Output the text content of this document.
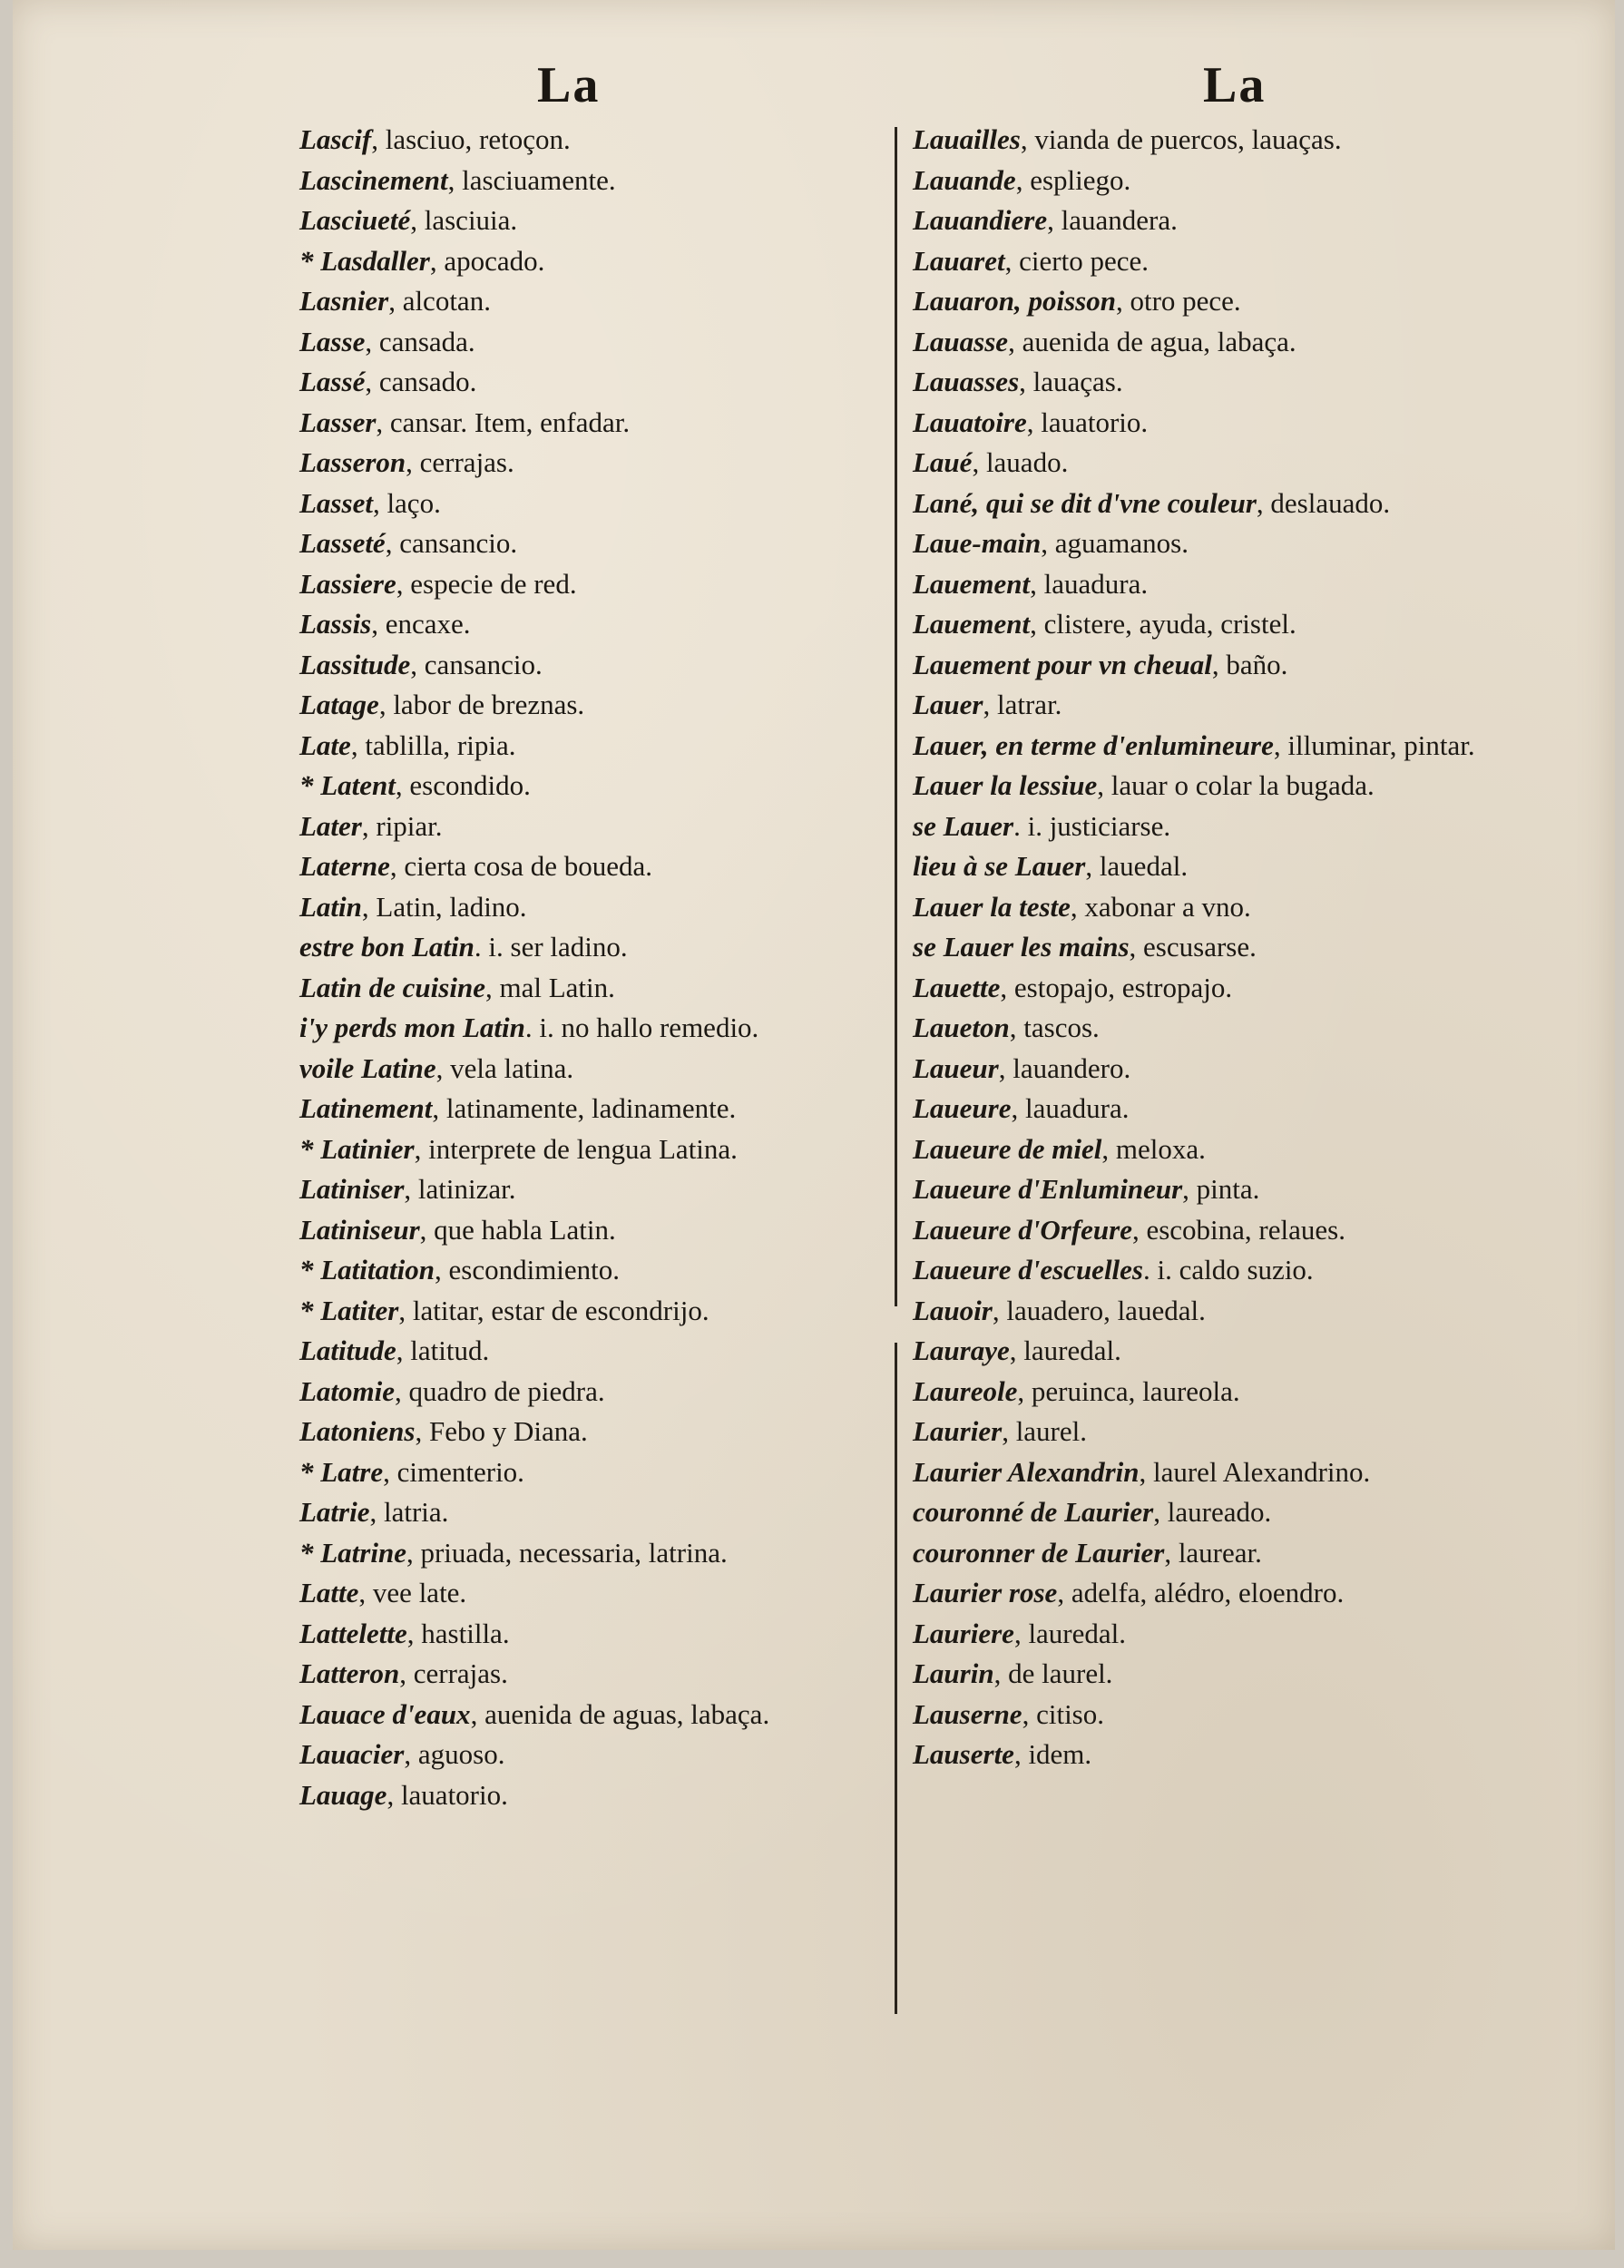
La	La

Lascif, lasciuo, retoçon.

Lascinement, lasciuamente.

Lasciueté, lasciuia.

* Lasdaller, apocado.

Lasnier, alcotan.

Lasse, cansada.

Lassé, cansado.

Lasser, cansar. Item, enfadar.

Lasseron, cerrajas.

Lasset, laço.

Lasseté, cansancio.

Lassiere, especie de red.

Lassis, encaxe.

Lassitude, cansancio.

Latage, labor de breznas.

Late, tablilla, ripia.

* Latent, escondido.

Later, ripiar.

Laterne, cierta cosa de boueda.

Latin, Latin, ladino.

estre bon Latin. i. ser ladino.

Latin de cuisine, mal Latin.

i'y perds mon Latin. i. no hallo remedio.

voile Latine, vela latina.

Latinement, latinamente, ladinamente.

* Latinier, interprete de lengua Latina.

Latiniser, latinizar.

Latiniseur, que habla Latin.

* Latitation, escondimiento.

* Latiter, latitar, estar de escondrijo.

Latitude, latitud.

Latomie, quadro de piedra.

Latoniens, Febo y Diana.

* Latre, cimenterio.

Latrie, latria.

* Latrine, priuada, necessaria, latrina.

Latte, vee late.

Lattelette, hastilla.

Latteron, cerrajas.

Lauace d'eaux, auenida de aguas, labaça.

Lauacier, aguoso.

Lauage, lauatorio.

Lauailles, vianda de puercos, lauaças.

Lauande, espliego.

Lauandiere, lauandera.

Lauaret, cierto pece.

Lauaron, poisson, otro pece.

Lauasse, auenida de agua, labaça.

Lauasses, lauaças.

Lauatoire, lauatorio.

Laué, lauado.

Lané, qui se dit d'vne couleur, deslauado.

Laue-main, aguamanos.

Lauement, lauadura.

Lauement, clistere, ayuda, cristel.

Lauement pour vn cheual, baño.

Lauer, latrar.

Lauer, en terme d'enlumineure, illuminar, pintar.

Lauer la lessiue, lauar o colar la bugada.

se Lauer. i. justiciarse.

lieu à se Lauer, lauedal.

Lauer la teste, xabonar a vno.

se Lauer les mains, escusarse.

Lauette, estopajo, estropajo.

Laueton, tascos.

Laueur, lauandero.

Laueure, lauadura.

Laueure de miel, meloxa.

Laueure d'Enlumineur, pinta.

Laueure d'Orfeure, escobina, relaues.

Laueure d'escuelles. i. caldo suzio.

Lauoir, lauadero, lauedal.

Lauraye, lauredal.

Laureole, peruinca, laureola.

Laurier, laurel.

Laurier Alexandrin, laurel Alexandrino.

couronné de Laurier, laureado.

couronner de Laurier, laurear.

Laurier rose, adelfa, alédro, eloendro.

Lauriere, lauredal.

Laurin, de laurel.

Lauserne, citiso.

Lauserte, idem.
